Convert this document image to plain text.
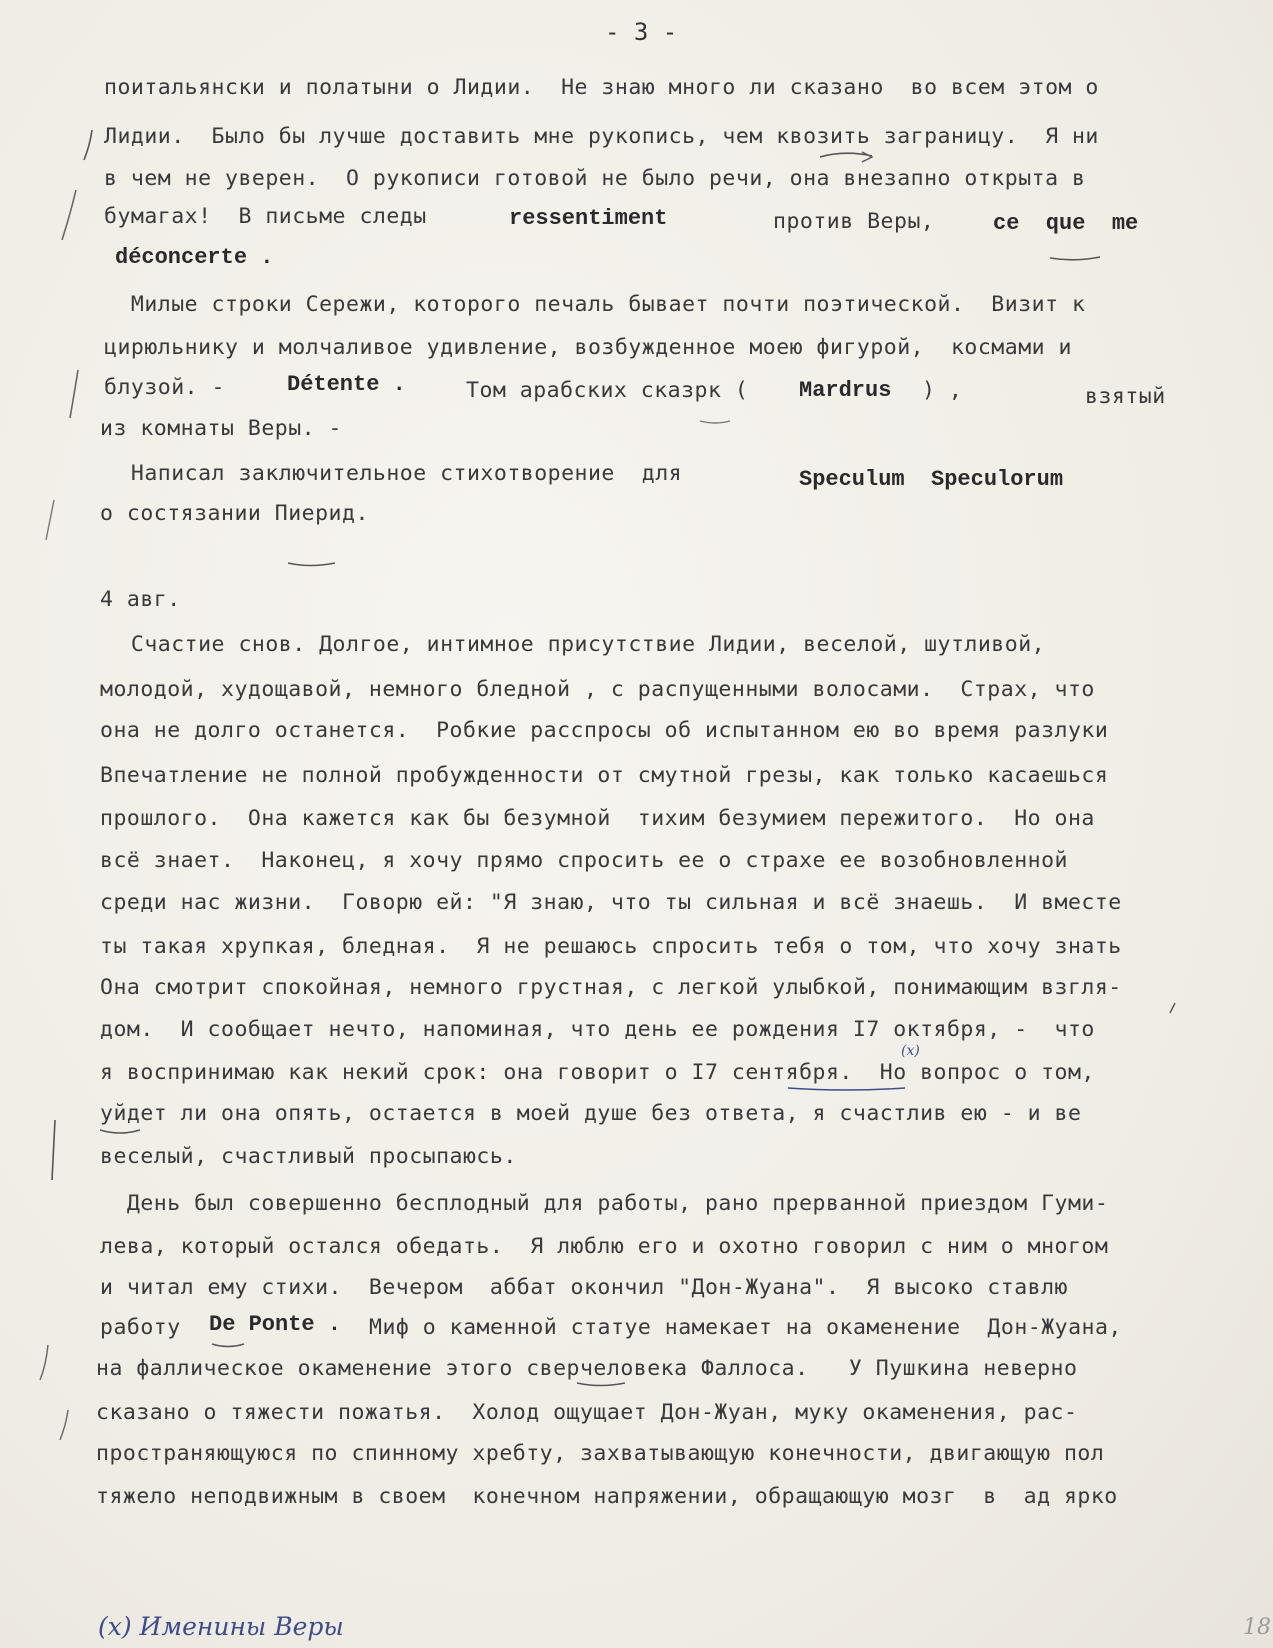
- 3 -
поитальянски и полатыни о Лидии.  Не знаю много ли сказано  во всем этом о
Лидии.  Было бы лучше доставить мне рукопись, чем квозить заграницу.  Я ни
в чем не уверен.  О рукописи готовой не было речи, она внезапно открыта в
бумагах!  В письме следы	ressentiment	против Веры,	ce  que  me
déconcerte .
Милые строки Сережи, которого печаль бывает почти поэтической.  Визит к
цирюльнику и молчаливое удивление, возбужденное моею фигурой,  космами и
блузой. -	Détente .	Том арабских сказрк ( Mardrus ) ,	взятый
из комнаты Веры. -
Написал заключительное стихотворение  для	Speculum  Speculorum
о состязании Пиерид.
4 авг.
Счастие снов. Долгое, интимное присутствие Лидии, веселой, шутливой,
молодой, худощавой, немного бледной , с распущенными волосами.  Страх, что
она не долго останется.  Робкие расспросы об испытанном ею во время разлуки
Впечатление не полной пробужденности от смутной грезы, как только касаешься
прошлого.  Она кажется как бы безумной  тихим безумием пережитого.  Но она
всё знает.  Наконец, я хочу прямо спросить ее о страхе ее возобновленной
среди нас жизни.  Говорю ей: "Я знаю, что ты сильная и всё знаешь.  И вместе
ты такая хрупкая, бледная.  Я не решаюсь спросить тебя о том, что хочу знать
Она смотрит спокойная, немного грустная, с легкой улыбкой, понимающим взгля-
дом.  И сообщает нечто, напоминая, что день ее рождения I7 октября, -  что
я воспринимаю как некий срок: она говорит о I7 сентября.  Но вопрос о том,
уйдет ли она опять, остается в моей душе без ответа, я счастлив ею - и ве
веселый, счастливый просыпаюсь.
День был совершенно бесплодный для работы, рано прерванной приездом Гуми-
лева, который остался обедать.  Я люблю его и охотно говорил с ним о многом
и читал ему стихи.  Вечером  аббат окончил "Дон-Жуана".  Я высоко ставлю
работу De Ponte . Миф о каменной статуе намекает на окаменение  Дон-Жуана,
на фаллическое окаменение этого сверчеловека Фаллоса.   У Пушкина неверно
сказано о тяжести пожатья.  Холод ощущает Дон-Жуан, муку окаменения, рас-
пространяющуюся по спинному хребту, захватывающую конечности, двигающую пол
тяжело неподвижным в своем  конечном напряжении, обращающую мозг  в  ад ярко
(х) Именины Веры	18
(x)
